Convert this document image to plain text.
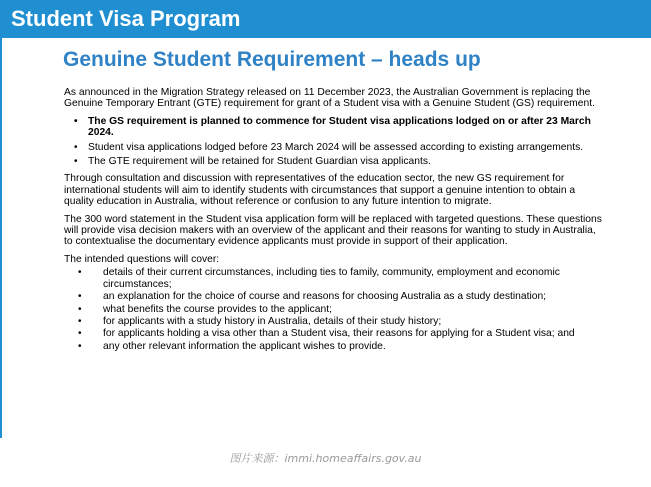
Student Visa Program
Genuine Student Requirement – heads up

As announced in the Migration Strategy released on 11 December 2023, the Australian Government is replacing the Genuine Temporary Entrant (GTE) requirement for grant of a Student visa with a Genuine Student (GS) requirement.

• The GS requirement is planned to commence for Student visa applications lodged on or after 23 March 2024.
• Student visa applications lodged before 23 March 2024 will be assessed according to existing arrangements.
• The GTE requirement will be retained for Student Guardian visa applicants.

Through consultation and discussion with representatives of the education sector, the new GS requirement for international students will aim to identify students with circumstances that support a genuine intention to obtain a quality education in Australia, without reference or confusion to any future intention to migrate.

The 300 word statement in the Student visa application form will be replaced with targeted questions. These questions will provide visa decision makers with an overview of the applicant and their reasons for wanting to study in Australia, to contextualise the documentary evidence applicants must provide in support of their application.

The intended questions will cover:

• details of their current circumstances, including ties to family, community, employment and economic circumstances;
• an explanation for the choice of course and reasons for choosing Australia as a study destination;
• what benefits the course provides to the applicant;
• for applicants with a study history in Australia, details of their study history;
• for applicants holding a visa other than a Student visa, their reasons for applying for a Student visa; and
• any other relevant information the applicant wishes to provide.
图片来源：immi.homeaffairs.gov.au
